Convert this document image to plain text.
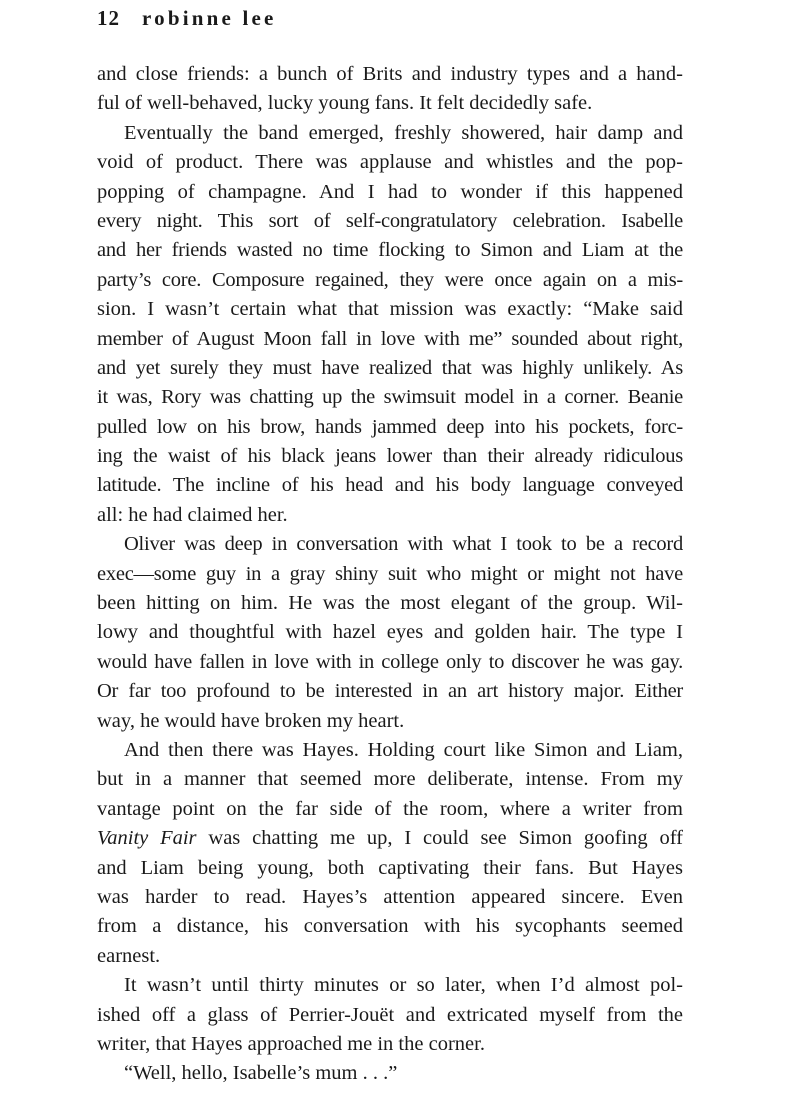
12 robinne lee
and close friends: a bunch of Brits and industry types and a hand-
ful of well-behaved, lucky young fans. It felt decidedly safe.
Eventually the band emerged, freshly showered, hair damp and
void of product. There was applause and whistles and the pop-
popping of champagne. And I had to wonder if this happened
every night. This sort of self-congratulatory celebration. Isabelle
and her friends wasted no time flocking to Simon and Liam at the
party’s core. Composure regained, they were once again on a mis-
sion. I wasn’t certain what that mission was exactly: “Make said
member of August Moon fall in love with me” sounded about right,
and yet surely they must have realized that was highly unlikely. As
it was, Rory was chatting up the swimsuit model in a corner. Beanie
pulled low on his brow, hands jammed deep into his pockets, forc-
ing the waist of his black jeans lower than their already ridiculous
latitude. The incline of his head and his body language conveyed
all: he had claimed her.
Oliver was deep in conversation with what I took to be a record
exec—some guy in a gray shiny suit who might or might not have
been hitting on him. He was the most elegant of the group. Wil-
lowy and thoughtful with hazel eyes and golden hair. The type I
would have fallen in love with in college only to discover he was gay.
Or far too profound to be interested in an art history major. Either
way, he would have broken my heart.
And then there was Hayes. Holding court like Simon and Liam,
but in a manner that seemed more deliberate, intense. From my
vantage point on the far side of the room, where a writer from
Vanity Fair was chatting me up, I could see Simon goofing off
and Liam being young, both captivating their fans. But Hayes
was harder to read. Hayes’s attention appeared sincere. Even
from a distance, his conversation with his sycophants seemed
earnest.
It wasn’t until thirty minutes or so later, when I’d almost pol-
ished off a glass of Perrier-Jouët and extricated myself from the
writer, that Hayes approached me in the corner.
“Well, hello, Isabelle’s mum . . .”
